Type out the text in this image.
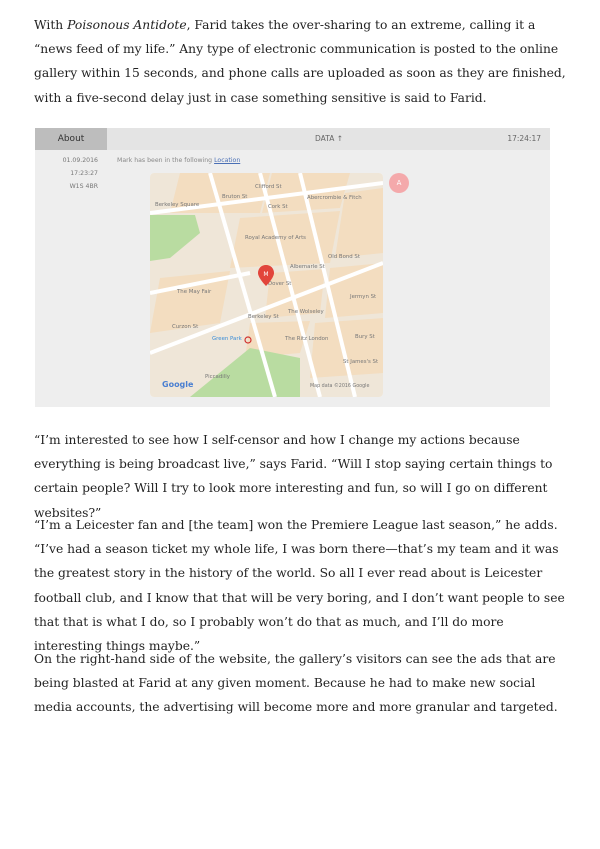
With Poisonous Antidote, Farid takes the over-sharing to an extreme, calling it a “news feed of my life.” Any type of electronic communication is posted to the online gallery within 15 seconds, and phone calls are uploaded as soon as they are finished, with a five-second delay just in case something sensitive is said to Farid.

About	DATA ↑	17:24:17
01.09.2016
17:23:27
W1S 4BR
Mark has been in the following Location
A
Bruton St
Clifford St
Cork St
Berkeley Square
Abercrombie & Fitch
Royal Academy of Arts
Old Bond St
Albemarle St
The May Fair
Dover St
Berkeley St
Jermyn St
Curzon St
The Wolseley
Green Park	The Ritz London	Bury St
Piccadilly
St James's St
Map data ©2016 Google
Google
M

“I’m interested to see how I self-censor and how I change my actions because everything is being broadcast live,” says Farid. “Will I stop saying certain things to certain people? Will I try to look more interesting and fun, so will I go on different websites?”

“I’m a Leicester fan and [the team] won the Premiere League last season,” he adds. “I’ve had a season ticket my whole life, I was born there—that’s my team and it was the greatest story in the history of the world. So all I ever read about is Leicester football club, and I know that that will be very boring, and I don’t want people to see that that is what I do, so I probably won’t do that as much, and I’ll do more interesting things maybe.”

On the right-hand side of the website, the gallery’s visitors can see the ads that are being blasted at Farid at any given moment. Because he had to make new social media accounts, the advertising will become more and more granular and targeted.
